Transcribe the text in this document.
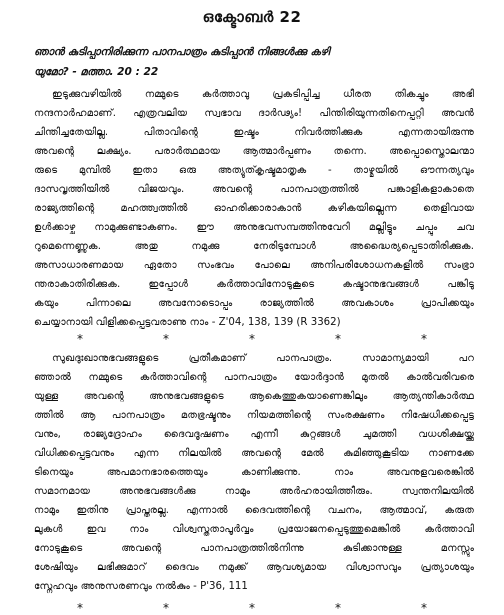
ഒക്ടോബർ 22
ഞാൻ കുടിപ്പാനിരിക്കുന്ന പാനപാത്രം കുടിപ്പാൻ നിങ്ങൾക്കു കഴി
യുമോ? - മത്താ. 20 : 22
ഇടുക്കുവഴിയിൽ നമ്മുടെ കർത്താവു പ്രകടിപ്പിച്ച ധീരത തികച്ചും അഭി
നന്ദനാർഹമാണ്. എത്രവലിയ സ്വഭാവ ദാർഢ്യം! പിന്തിരിയുന്നതിനെപ്പറ്റി അവൻ
ചിന്തിച്ചതേയില്ല. പിതാവിന്റെ ഇഷ്ടം നിവർത്തിക്കുക എന്നതായിരുന്നു
അവന്റെ ലക്ഷ്യം. പരാർത്ഥമായ ആത്മാർപ്പണം തന്നെ. അപ്പൊസ്തൊലന്മാ
രുടെ മുമ്പിൽ ഇതാ ഒരു അത്യുത്കൃഷ്ടമാതൃക - താഴ്മയിൽ ഔന്നത്യവും
ദാസവൃത്തിയിൽ വിജയവും. അവന്റെ പാനപാത്രത്തിൽ പങ്കാളികളാകാതെ
രാജ്യത്തിന്റെ മഹത്ത്വത്തിൽ ഓഹരിക്കാരാകാൻ കഴികയില്ലെന്ന തെളിവായ
ഉൾക്കാഴ്ച നാമുക്കുണ്ടാകണം. ഈ അനുഭവസമ്പത്തിനുവേറി മല്ലിട്ടും ചപ്പും ചവ
റുമെന്നെണ്ണുക. അതു നമുക്കു നേരിടുമ്പോൾ അദ്ധൈര്യപ്പെടാതിരിക്കുക.
അസാധാരണമായ ഏതോ സംഭവം പോലെ അനിപരിശോധനകളിൽ സംഭ്രാ
ന്തരാകാതിരിക്കുക. ഇപ്പോൾ കർത്താവിനോടുകൂടെ കഷ്ടാനുഭവങ്ങൾ പങ്കിടു
കയും പിന്നാലെ അവനോടൊപ്പം രാജ്യത്തിൽ അവകാശം പ്രാപിക്കയും
ചെയ്യാനായി വിളിക്കപ്പെട്ടവരാണു നാം - Z'04, 138, 139 (R 3362)
*	*	*	*	*
സുഖദുഃഖാനുഭവങ്ങളുടെ പ്രതീകമാണ് പാനപാത്രം. സാമാന്യമായി പറ
ഞ്ഞാൽ നമ്മുടെ കർത്താവിന്റെ പാനപാത്രം യോർദ്ദാൻ മുതൽ കാൽവരിവരെ
യുള്ള അവന്റെ അനുഭവങ്ങളുടെ ആകെത്തുകയാണെങ്കിലും ആത്യന്തികാർത്ഥ
ത്തിൽ ആ പാനപാത്രം മതഭ്രഷ്ടനും നിയമത്തിന്റെ സംരക്ഷണം നിഷേധിക്കപ്പെട്ട
വനും, രാജ്യദ്രോഹം ദൈവദൂഷണം എന്നീ കുറ്റങ്ങൾ ചുമത്തി വധശിക്ഷയ്ക്കു
വിധിക്കപ്പെട്ടവനും എന്ന നിലയിൽ അവന്റെ മേൽ കുമിഞ്ഞുകൂടിയ നാണക്കേ
ടിനെയും അപമാനഭാരത്തെയും കാണിക്കുന്നു. നാം അവനുളവരെങ്കിൽ
സമാനമായ അനുഭവങ്ങൾക്കു നാമും അർഹരായിത്തീരും. സ്വന്തനിലയിൽ
നാമും ഇതിനു പ്രാപ്തരല്ല. എന്നാൽ ദൈവത്തിന്റെ വചനം, ആത്മാവ്, കരുത
ലുകൾ ഇവ നാം വിശ്വസ്തതാപൂർവ്വം പ്രയോജനപ്പെടുത്തുമെങ്കിൽ കർത്താവി
നോടുകൂടെ അവന്റെ പാനപാത്രത്തിൽനിന്നു കുടിക്കാനുള്ള മനസ്സും
ശേഷിയും ലഭിക്കുമാറ് ദൈവം നമുക്ക് ആവശ്യമായ വിശ്വാസവും പ്രത്യാശയും
സ്നേഹവും അനുസരണവും നൽകും - P'36, 111
*	*	*	*	*
